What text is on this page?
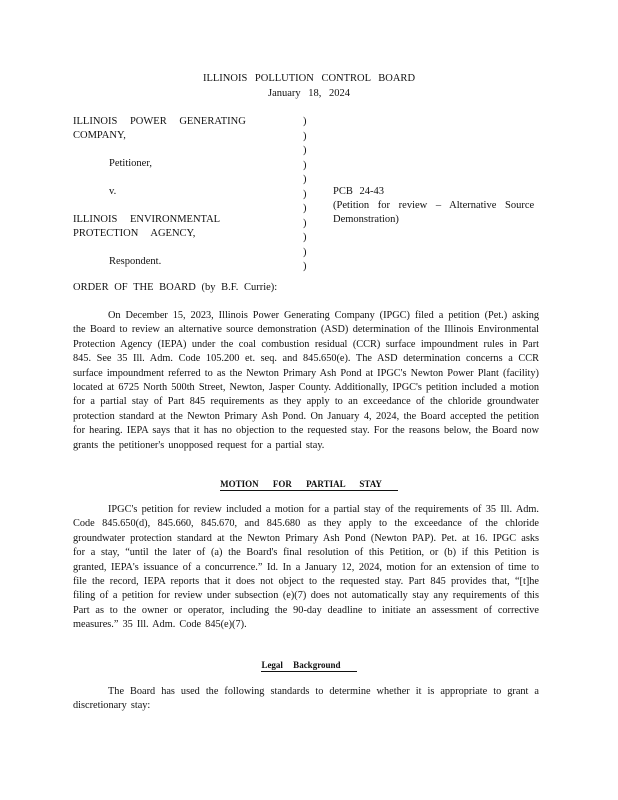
ILLINOIS POLLUTION CONTROL BOARD
January 18, 2024
ILLINOIS POWER GENERATING
COMPANY,
Petitioner,
v.
ILLINOIS ENVIRONMENTAL
PROTECTION AGENCY,
Respondent.
)
)
)
)
)
)
)
)
)
)
)
PCB 24-43
(Petition for review – Alternative Source
Demonstration)
ORDER OF THE BOARD (by B.F. Currie):

On December 15, 2023, Illinois Power Generating Company (IPGC) filed a petition (Pet.) asking the Board to review an alternative source demonstration (ASD) determination of the Illinois Environmental Protection Agency (IEPA) under the coal combustion residual (CCR) surface impoundment rules in Part 845. See 35 Ill. Adm. Code 105.200 et. seq. and 845.650(e). The ASD determination concerns a CCR surface impoundment referred to as the Newton Primary Ash Pond at IPGC's Newton Power Plant (facility) located at 6725 North 500th Street, Newton, Jasper County. Additionally, IPGC's petition included a motion for a partial stay of Part 845 requirements as they apply to an exceedance of the chloride groundwater protection standard at the Newton Primary Ash Pond. On January 4, 2024, the Board accepted the petition for hearing. IEPA says that it has no objection to the requested stay. For the reasons below, the Board now grants the petitioner's unopposed request for a partial stay.

MOTION FOR PARTIAL STAY

IPGC's petition for review included a motion for a partial stay of the requirements of 35 Ill. Adm. Code 845.650(d), 845.660, 845.670, and 845.680 as they apply to the exceedance of the chloride groundwater protection standard at the Newton Primary Ash Pond (Newton PAP). Pet. at 16. IPGC asks for a stay, “until the later of (a) the Board's final resolution of this Petition, or (b) if this Petition is granted, IEPA's issuance of a concurrence.” Id. In a January 12, 2024, motion for an extension of time to file the record, IEPA reports that it does not object to the requested stay. Part 845 provides that, “[t]he filing of a petition for review under subsection (e)(7) does not automatically stay any requirements of this Part as to the owner or operator, including the 90-day deadline to initiate an assessment of corrective measures.” 35 Ill. Adm. Code 845(e)(7).

Legal Background

The Board has used the following standards to determine whether it is appropriate to grant a discretionary stay:
